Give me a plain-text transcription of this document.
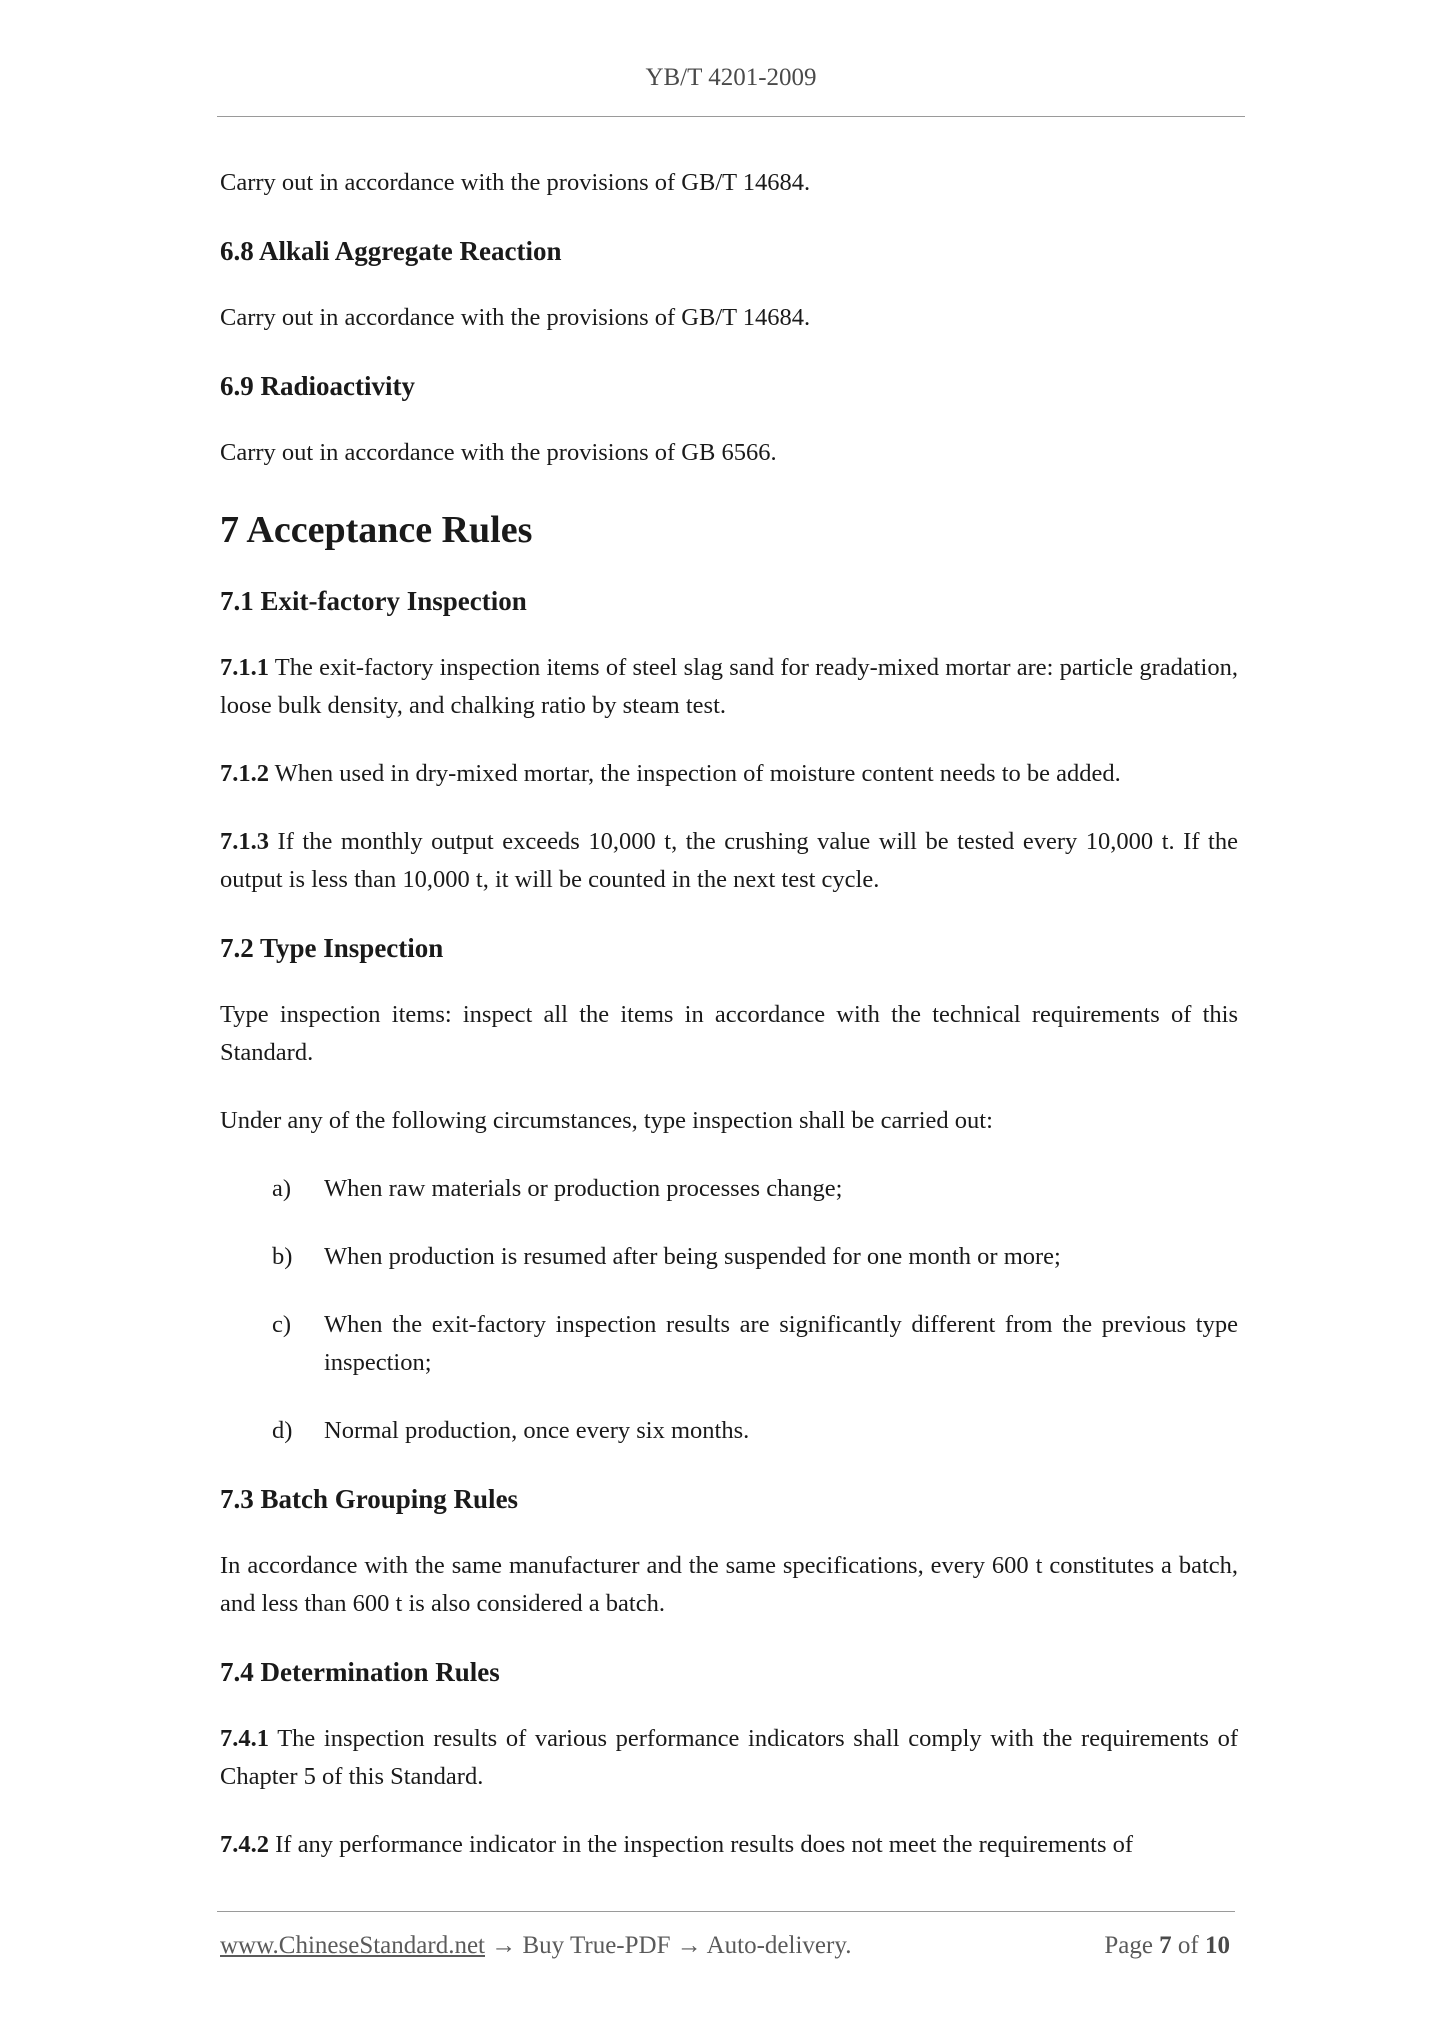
YB/T 4201-2009

Carry out in accordance with the provisions of GB/T 14684.

6.8 Alkali Aggregate Reaction

Carry out in accordance with the provisions of GB/T 14684.

6.9 Radioactivity

Carry out in accordance with the provisions of GB 6566.

7 Acceptance Rules
7.1 Exit-factory Inspection

7.1.1 The exit-factory inspection items of steel slag sand for ready-mixed mortar are: particle gradation, loose bulk density, and chalking ratio by steam test.

7.1.2 When used in dry-mixed mortar, the inspection of moisture content needs to be added.

7.1.3 If the monthly output exceeds 10,000 t, the crushing value will be tested every 10,000 t. If the output is less than 10,000 t, it will be counted in the next test cycle.

7.2 Type Inspection

Type inspection items: inspect all the items in accordance with the technical requirements of this Standard.

Under any of the following circumstances, type inspection shall be carried out:

a)	When raw materials or production processes change;
b)	When production is resumed after being suspended for one month or more;
c)	When the exit-factory inspection results are significantly different from the previous type inspection;
d)	Normal production, once every six months.
7.3 Batch Grouping Rules

In accordance with the same manufacturer and the same specifications, every 600 t constitutes a batch, and less than 600 t is also considered a batch.

7.4 Determination Rules

7.4.1 The inspection results of various performance indicators shall comply with the requirements of Chapter 5 of this Standard.

7.4.2 If any performance indicator in the inspection results does not meet the requirements of

www.ChineseStandard.net → Buy True-PDF → Auto-delivery.	Page 7 of 10
